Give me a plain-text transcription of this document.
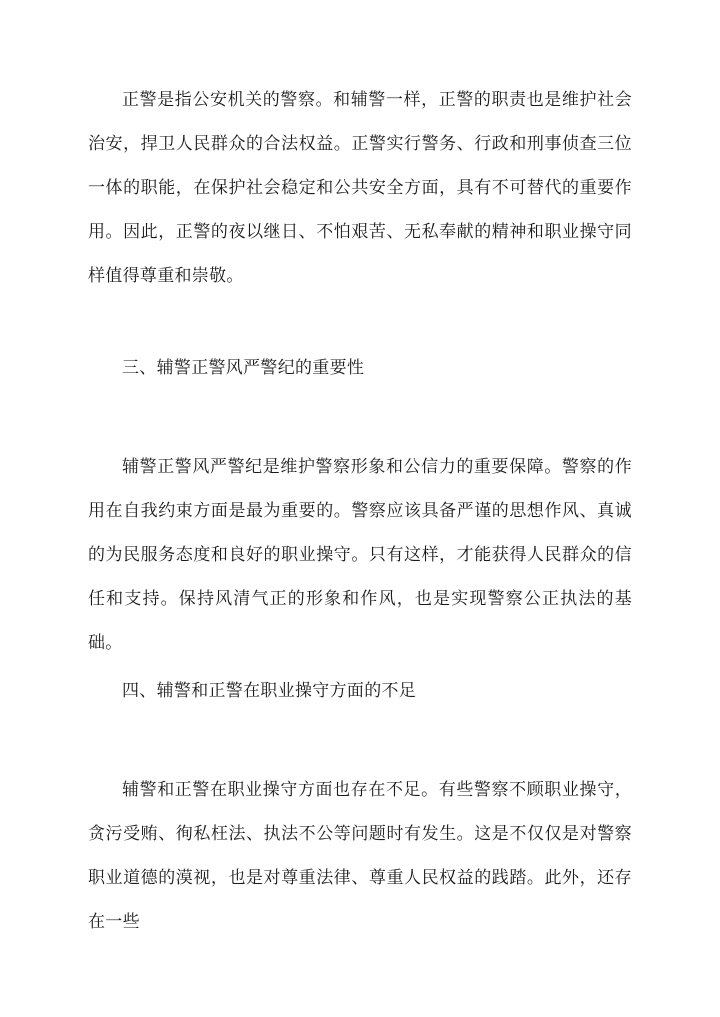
正警是指公安机关的警察。和辅警一样，正警的职责也是维护社会治安，捍卫人民群众的合法权益。正警实行警务、行政和刑事侦查三位一体的职能，在保护社会稳定和公共安全方面，具有不可替代的重要作用。因此，正警的夜以继日、不怕艰苦、无私奉献的精神和职业操守同样值得尊重和崇敬。

三、辅警正警风严警纪的重要性

辅警正警风严警纪是维护警察形象和公信力的重要保障。警察的作用在自我约束方面是最为重要的。警察应该具备严谨的思想作风、真诚的为民服务态度和良好的职业操守。只有这样，才能获得人民群众的信任和支持。保持风清气正的形象和作风，也是实现警察公正执法的基础。

四、辅警和正警在职业操守方面的不足

辅警和正警在职业操守方面也存在不足。有些警察不顾职业操守，贪污受贿、徇私枉法、执法不公等问题时有发生。这是不仅仅是对警察职业道德的漠视，也是对尊重法律、尊重人民权益的践踏。此外，还存在一些
